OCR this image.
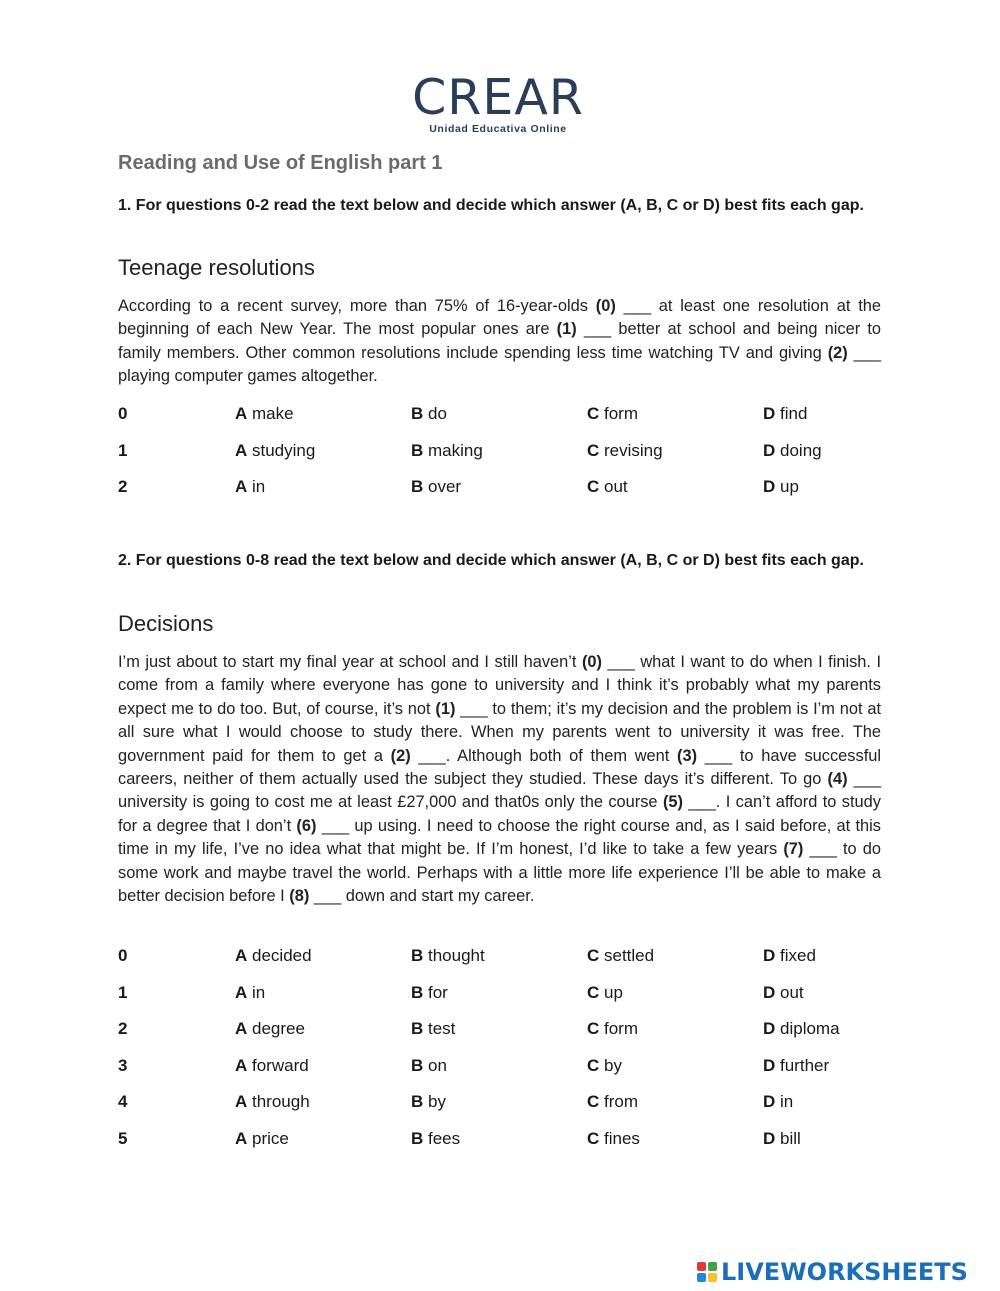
CREAR
Unidad Educativa Online
Reading and Use of English part 1
1. For questions 0-2 read the text below and decide which answer (A, B, C or D) best fits each gap.
Teenage resolutions
According to a recent survey, more than 75% of 16-year-olds (0) ___ at least one resolution at the beginning of each New Year. The most popular ones are (1) ___ better at school and being nicer to family members. Other common resolutions include spending less time watching TV and giving (2) ___ playing computer games altogether.
0	A make	B do	C form	D find
1	A studying	B making	C revising	D doing
2	A in	B over	C out	D up
2. For questions 0-8 read the text below and decide which answer (A, B, C or D) best fits each gap.
Decisions
I’m just about to start my final year at school and I still haven’t (0) ___ what I want to do when I finish. I come from a family where everyone has gone to university and I think it’s probably what my parents expect me to do too. But, of course, it’s not (1) ___ to them; it’s my decision and the problem is I’m not at all sure what I would choose to study there. When my parents went to university it was free. The government paid for them to get a (2) ___. Although both of them went (3) ___ to have successful careers, neither of them actually used the subject they studied. These days it’s different. To go (4) ___ university is going to cost me at least £27,000 and that0s only the course (5) ___. I can’t afford to study for a degree that I don’t (6) ___ up using. I need to choose the right course and, as I said before, at this time in my life, I’ve no idea what that might be. If I’m honest, I’d like to take a few years (7) ___ to do some work and maybe travel the world. Perhaps with a little more life experience I’ll be able to make a better decision before I (8) ___ down and start my career.
0	A decided	B thought	C settled	D fixed
1	A in	B for	C up	D out
2	A degree	B test	C form	D diploma
3	A forward	B on	C by	D further
4	A through	B by	C from	D in
5	A price	B fees	C fines	D bill
LIVEWORKSHEETS
